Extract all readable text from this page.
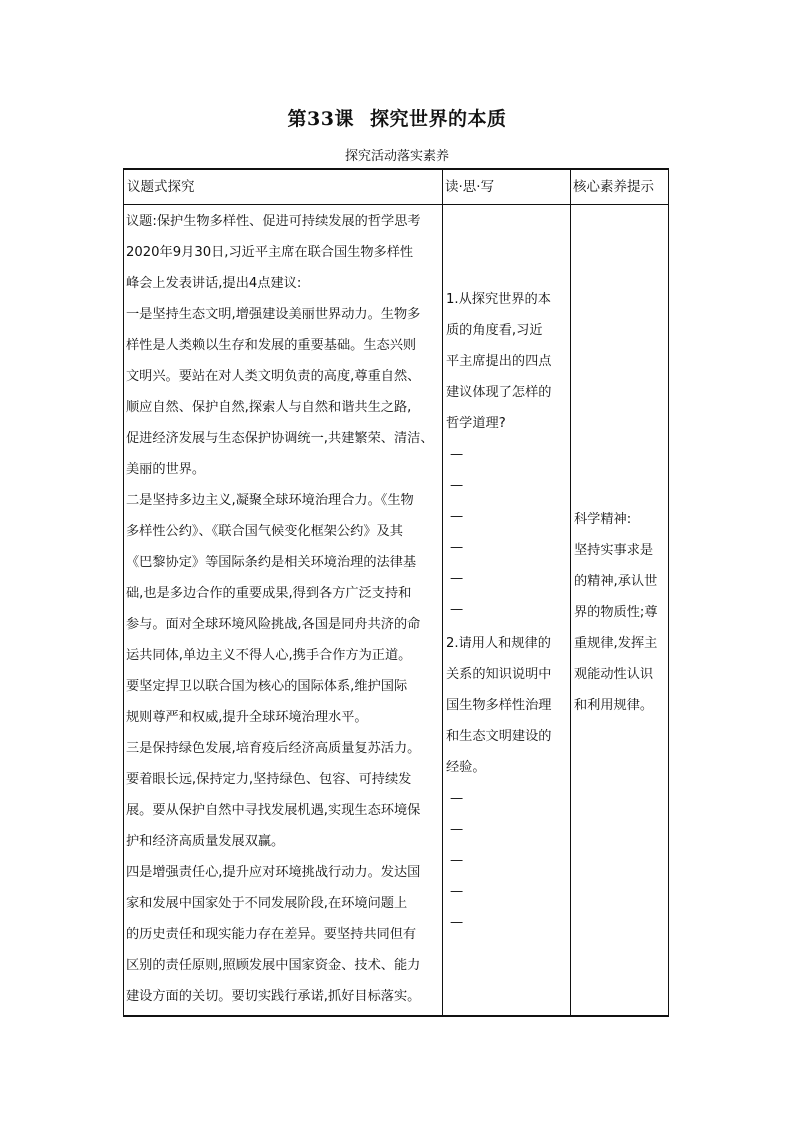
第33课 探究世界的本质
探究活动落实素养
议题式探究	读·思·写	核心素养提示

议题:保护生物多样性、促进可持续发展的哲学思考

2020年9月30日,习近平主席在联合国生物多样性

峰会上发表讲话,提出4点建议:

一是坚持生态文明,增强建设美丽世界动力。生物多

样性是人类赖以生存和发展的重要基础。生态兴则

文明兴。要站在对人类文明负责的高度,尊重自然、

顺应自然、保护自然,探索人与自然和谐共生之路,

促进经济发展与生态保护协调统一,共建繁荣、清洁、

美丽的世界。

二是坚持多边主义,凝聚全球环境治理合力。《生物

多样性公约》、《联合国气候变化框架公约》及其

《巴黎协定》等国际条约是相关环境治理的法律基

础,也是多边合作的重要成果,得到各方广泛支持和

参与。面对全球环境风险挑战,各国是同舟共济的命

运共同体,单边主义不得人心,携手合作方为正道。

要坚定捍卫以联合国为核心的国际体系,维护国际

规则尊严和权威,提升全球环境治理水平。

三是保持绿色发展,培育疫后经济高质量复苏活力。

要着眼长远,保持定力,坚持绿色、包容、可持续发

展。要从保护自然中寻找发展机遇,实现生态环境保

护和经济高质量发展双赢。

四是增强责任心,提升应对环境挑战行动力。发达国

家和发展中国家处于不同发展阶段,在环境问题上

的历史责任和现实能力存在差异。要坚持共同但有

区别的责任原则,照顾发展中国家资金、技术、能力

建设方面的关切。要切实践行承诺,抓好目标落实。

1.从探究世界的本

质的角度看,习近

平主席提出的四点

建议体现了怎样的

哲学道理?

—
—
—
—
—
—

2.请用人和规律的

关系的知识说明中

国生物多样性治理

和生态文明建设的

经验。

—
—
—
—
—

科学精神:

坚持实事求是

的精神,承认世

界的物质性;尊

重规律,发挥主

观能动性认识

和利用规律。
